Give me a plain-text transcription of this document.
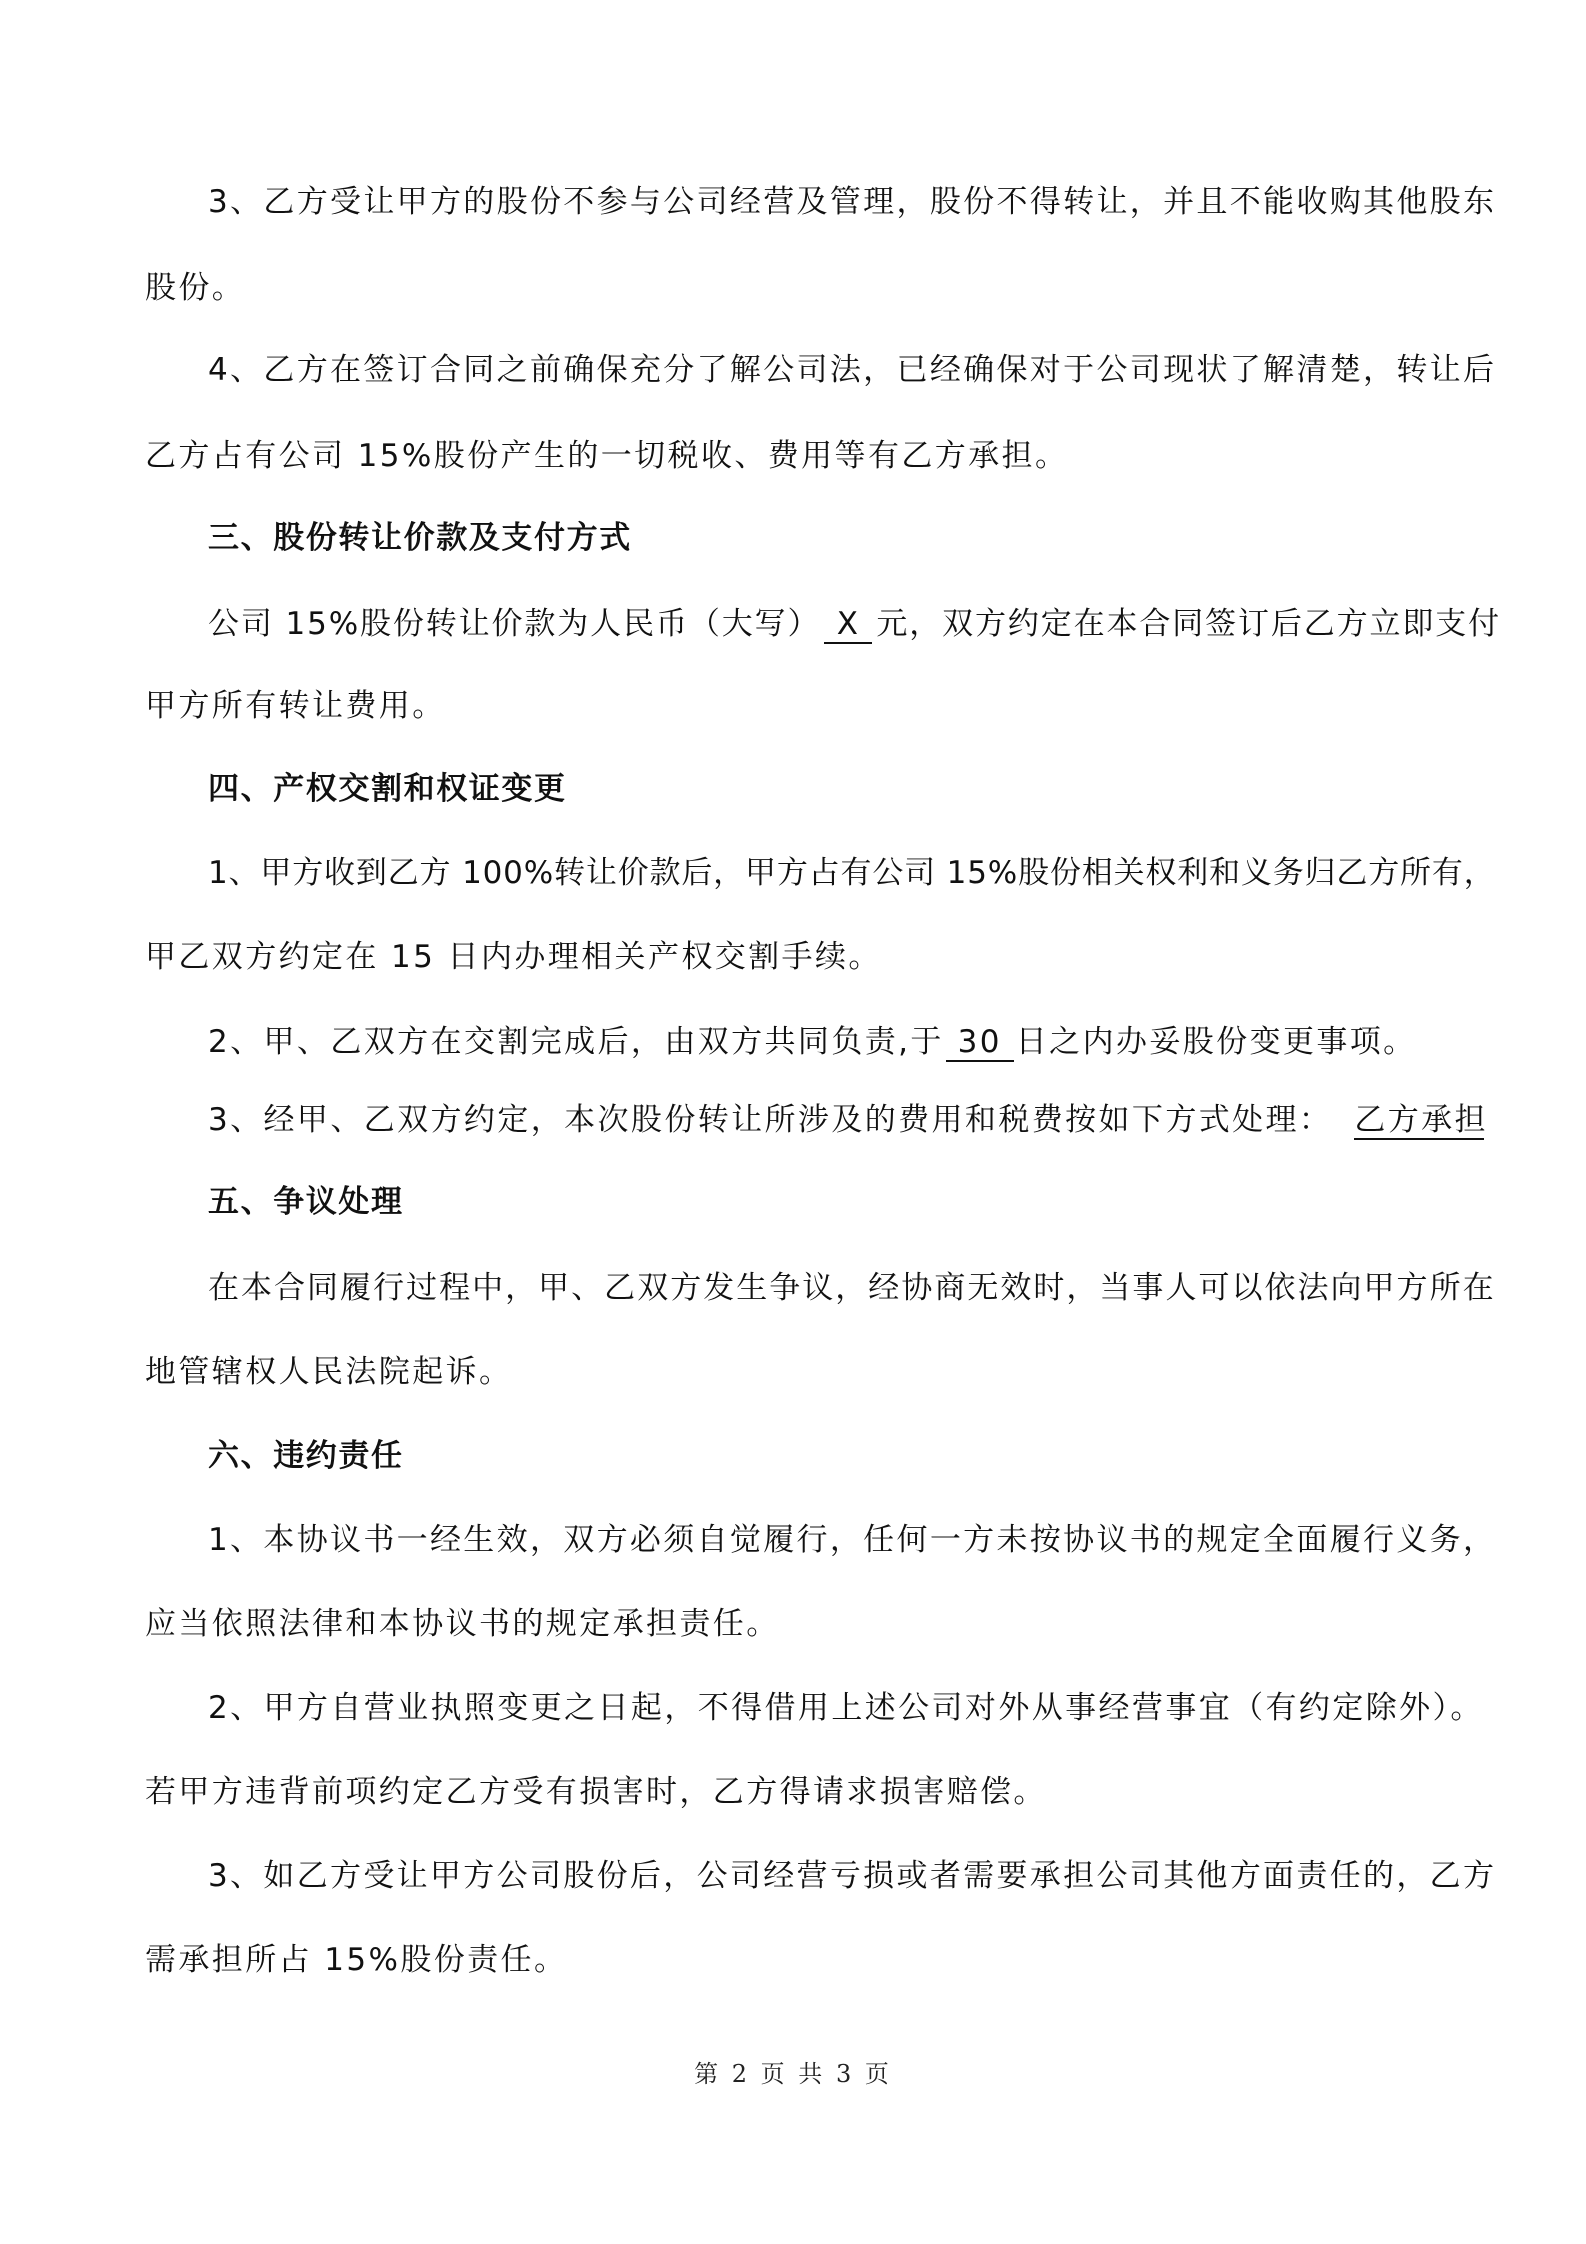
3、乙方受让甲方的股份不参与公司经营及管理，股份不得转让，并且不能收购其他股东
股份。
4、乙方在签订合同之前确保充分了解公司法，已经确保对于公司现状了解清楚，转让后
乙方占有公司 15%股份产生的一切税收、费用等有乙方承担。
三、股份转让价款及支付方式
公司 15%股份转让价款为人民币（大写） X 元，双方约定在本合同签订后乙方立即支付
甲方所有转让费用。
四、产权交割和权证变更
1、甲方收到乙方 100%转让价款后，甲方占有公司 15%股份相关权利和义务归乙方所有，
甲乙双方约定在 15 日内办理相关产权交割手续。
2、甲、乙双方在交割完成后，由双方共同负责,于 30 日之内办妥股份变更事项。
3、经甲、乙双方约定，本次股份转让所涉及的费用和税费按如下方式处理： 乙方承担
五、争议处理
在本合同履行过程中，甲、乙双方发生争议，经协商无效时，当事人可以依法向甲方所在
地管辖权人民法院起诉。
六、违约责任
1、本协议书一经生效，双方必须自觉履行，任何一方未按协议书的规定全面履行义务，
应当依照法律和本协议书的规定承担责任。
2、甲方自营业执照变更之日起，不得借用上述公司对外从事经营事宜（有约定除外）。
若甲方违背前项约定乙方受有损害时，乙方得请求损害赔偿。
3、如乙方受让甲方公司股份后，公司经营亏损或者需要承担公司其他方面责任的，乙方
需承担所占 15%股份责任。
第 2 页 共 3 页
